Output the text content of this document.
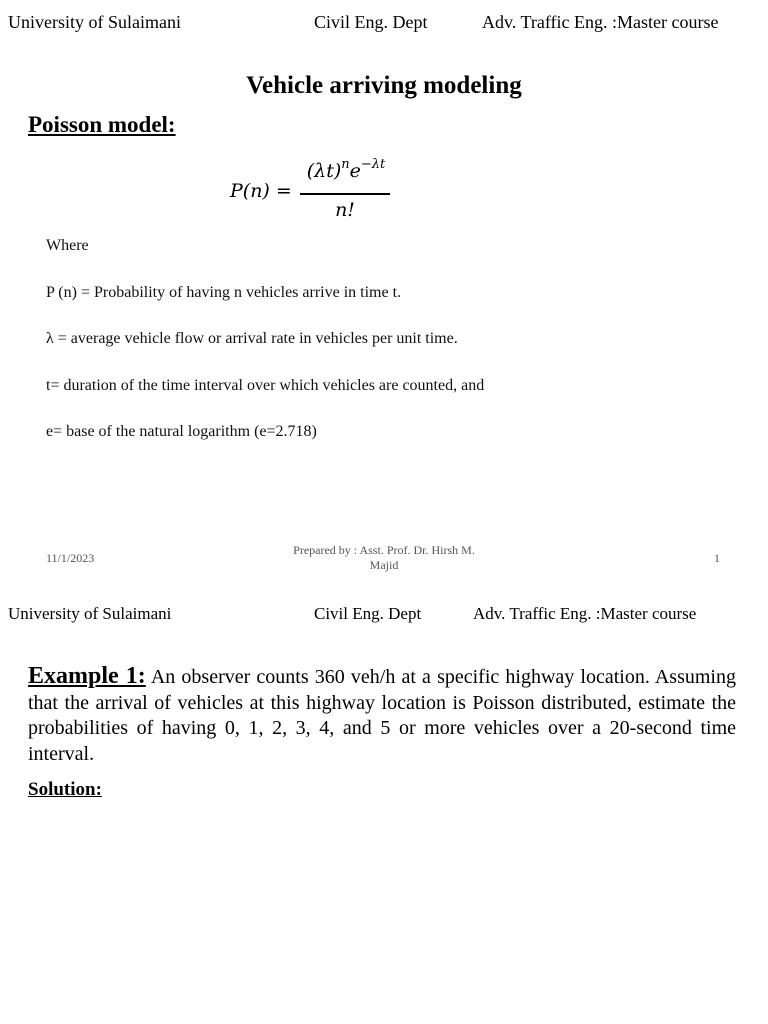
University of Sulaimani	Civil Eng. Dept	Adv. Traffic Eng. :Master course
Vehicle arriving modeling
Poisson model:
P(n) =
$(\lambda t)^ne^{-\lambda t}$
n!
Where
P (n) = Probability of having n vehicles arrive in time t.
λ = average vehicle flow or arrival rate in vehicles per unit time.
t= duration of the time interval over which vehicles are counted, and
e= base of the natural logarithm (e=2.718)
11/1/2023
Prepared by : Asst. Prof. Dr. Hirsh M.
Majid	1
University of Sulaimani	Civil Eng. Dept	Adv. Traffic Eng. :Master course
Example 1: An observer counts 360 veh/h at a specific highway location. Assuming that the arrival of vehicles at this highway location is Poisson distributed, estimate the probabilities of having 0, 1, 2, 3, 4, and 5 or more vehicles over a 20-second time interval.
Solution:
